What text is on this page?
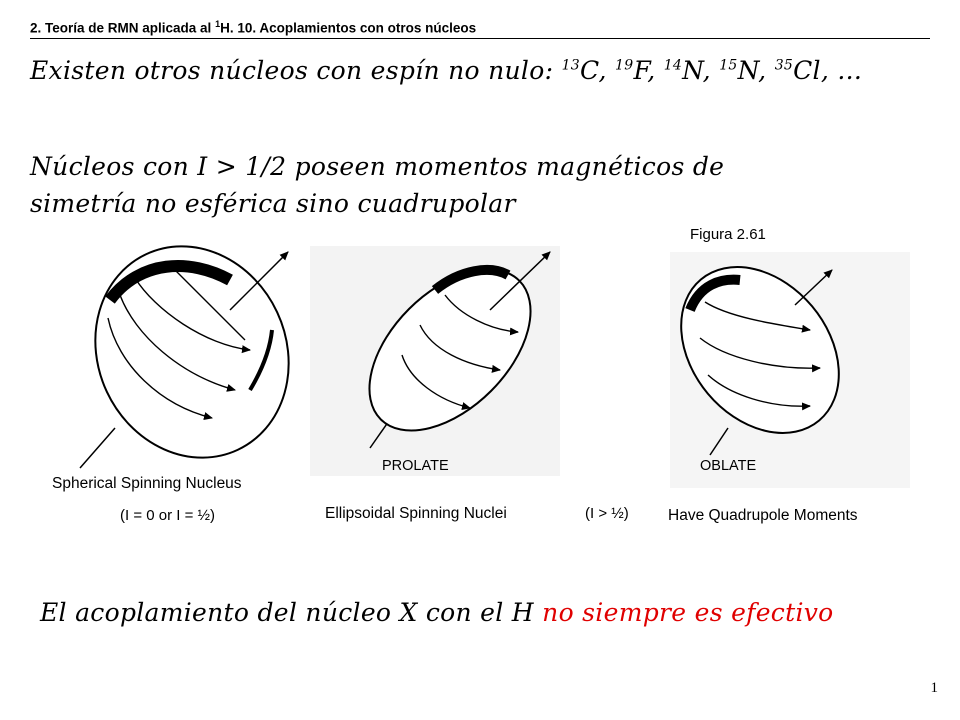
2. Teoría de RMN aplicada al $^1$H. 10. Acoplamientos con otros núcleos
Existen otros núcleos con espín no nulo: $^{13}$C, $^{19}$F, $^{14}$N, $^{15}$N, $^{35}$Cl, ...
Núcleos con I > 1/2 poseen momentos magnéticos de
simetría no esférica sino cuadrupolar
Figura 2.61
Spherical Spinning Nucleus
(I = 0 or I = ½)
PROLATE	OBLATE
Ellipsoidal Spinning Nuclei	(I > ½)	Have Quadrupole Moments
El acoplamiento del núcleo X con el H no siempre es efectivo
1
